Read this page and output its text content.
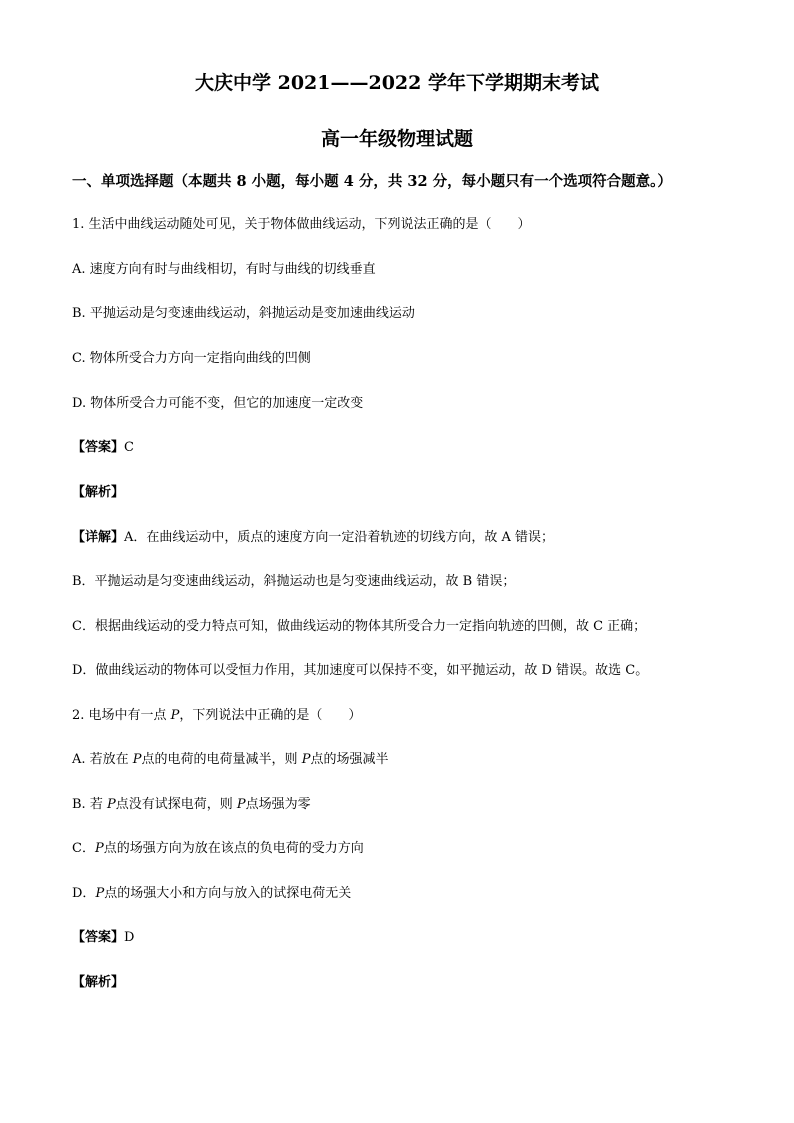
大庆中学 2021——2022 学年下学期期末考试
高一年级物理试题
一、单项选择题（本题共 8 小题，每小题 4 分，共 32 分，每小题只有一个选项符合题意。）
1. 生活中曲线运动随处可见，关于物体做曲线运动，下列说法正确的是（　　）
A. 速度方向有时与曲线相切，有时与曲线的切线垂直
B. 平抛运动是匀变速曲线运动，斜抛运动是变加速曲线运动
C. 物体所受合力方向一定指向曲线的凹侧
D. 物体所受合力可能不变，但它的加速度一定改变
【答案】C
【解析】
【详解】A．在曲线运动中，质点的速度方向一定沿着轨迹的切线方向，故 A 错误；
B．平抛运动是匀变速曲线运动，斜抛运动也是匀变速曲线运动，故 B 错误；
C．根据曲线运动的受力特点可知，做曲线运动的物体其所受合力一定指向轨迹的凹侧，故 C 正确；
D．做曲线运动的物体可以受恒力作用，其加速度可以保持不变，如平抛运动，故 D 错误。故选 C。
2. 电场中有一点 P，下列说法中正确的是（　　）
A. 若放在 P点的电荷的电荷量减半，则 P点的场强减半
B. 若 P点没有试探电荷，则 P点场强为零
C．P点的场强方向为放在该点的负电荷的受力方向
D．P点的场强大小和方向与放入的试探电荷无关
【答案】D
【解析】
